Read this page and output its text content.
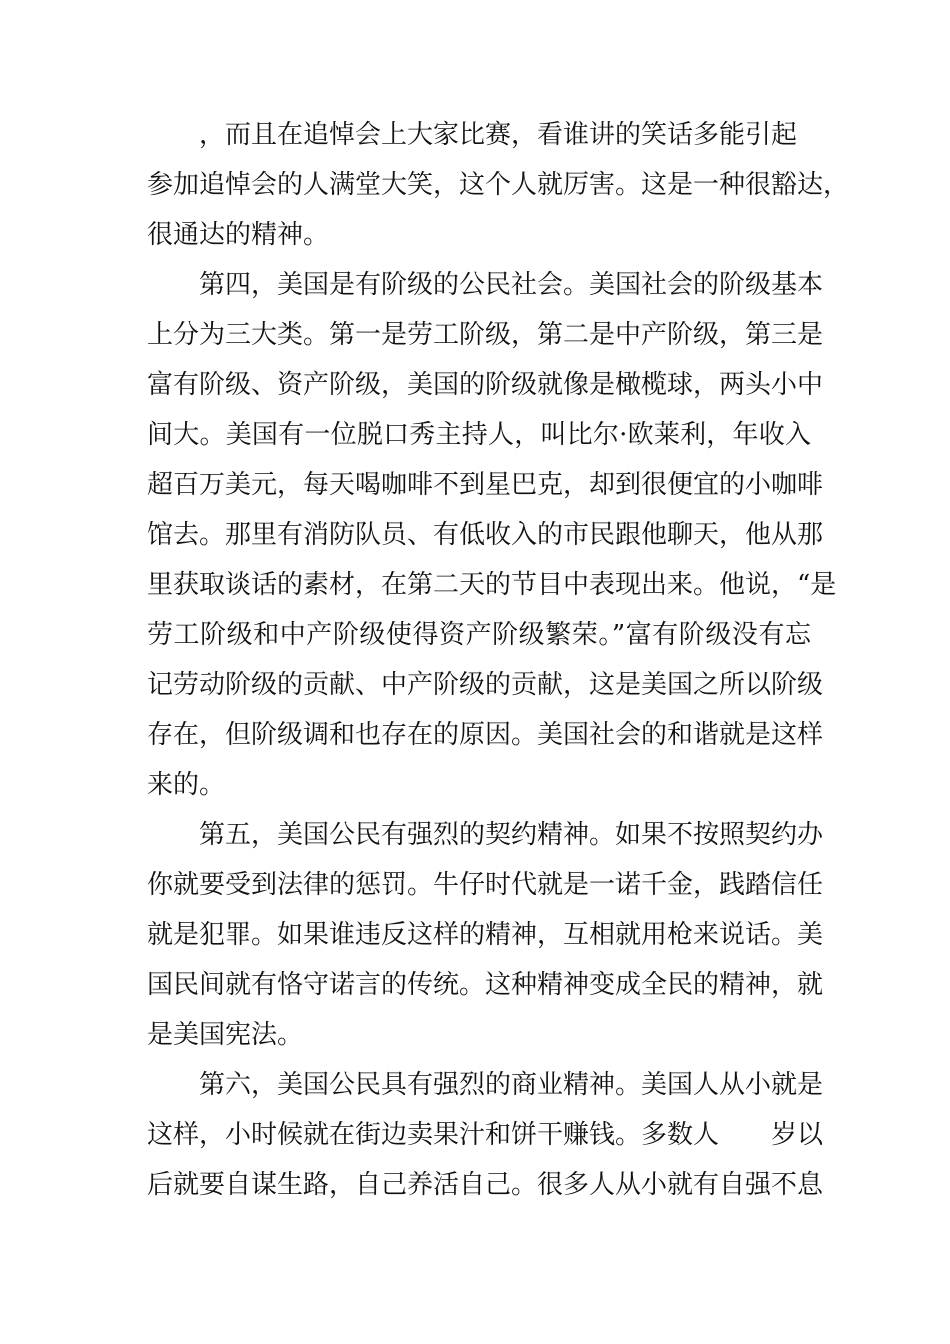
，而且在追悼会上大家比赛，看谁讲的笑话多能引起
参加追悼会的人满堂大笑，这个人就厉害。这是一种很豁达，
很通达的精神。
第四，美国是有阶级的公民社会。美国社会的阶级基本
上分为三大类。第一是劳工阶级，第二是中产阶级，第三是
富有阶级、资产阶级，美国的阶级就像是橄榄球，两头小中
间大。美国有一位脱口秀主持人，叫比尔·欧莱利，年收入
超百万美元，每天喝咖啡不到星巴克，却到很便宜的小咖啡
馆去。那里有消防队员、有低收入的市民跟他聊天，他从那
里获取谈话的素材，在第二天的节目中表现出来。他说，“是
劳工阶级和中产阶级使得资产阶级繁荣。”富有阶级没有忘
记劳动阶级的贡献、中产阶级的贡献，这是美国之所以阶级
存在，但阶级调和也存在的原因。美国社会的和谐就是这样
来的。
第五，美国公民有强烈的契约精神。如果不按照契约办
你就要受到法律的惩罚。牛仔时代就是一诺千金，践踏信任
就是犯罪。如果谁违反这样的精神，互相就用枪来说话。美
国民间就有恪守诺言的传统。这种精神变成全民的精神，就
是美国宪法。
第六，美国公民具有强烈的商业精神。美国人从小就是
这样，小时候就在街边卖果汁和饼干赚钱。多数人　　岁以
后就要自谋生路，自己养活自己。很多人从小就有自强不息
